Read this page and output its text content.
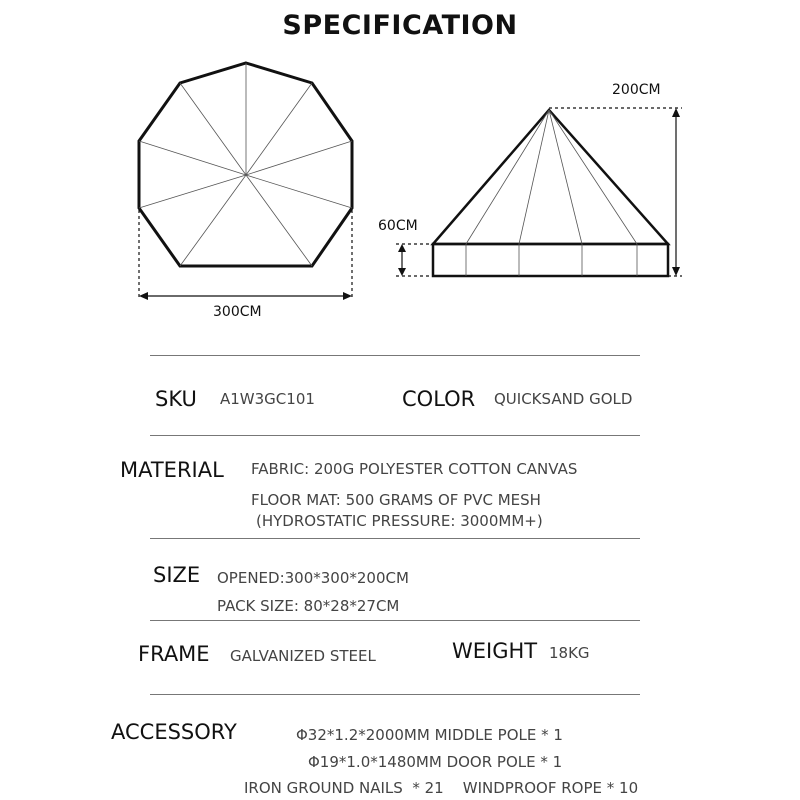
SPECIFICATION
300CM
200CM
60CM
SKU A1W3GC101	COLOR QUICKSAND GOLD
MATERIAL FABRIC: 200G POLYESTER COTTON CANVAS
FLOOR MAT: 500 GRAMS OF PVC MESH
(HYDROSTATIC PRESSURE: 3000MM+)
SIZE OPENED:300*300*200CM
PACK SIZE: 80*28*27CM
FRAME GALVANIZED STEEL	WEIGHT 18KG
ACCESSORY	Φ32*1.2*2000MM MIDDLE POLE * 1
Φ19*1.0*1480MM DOOR POLE * 1
IRON GROUND NAILS  * 21    WINDPROOF ROPE * 10
